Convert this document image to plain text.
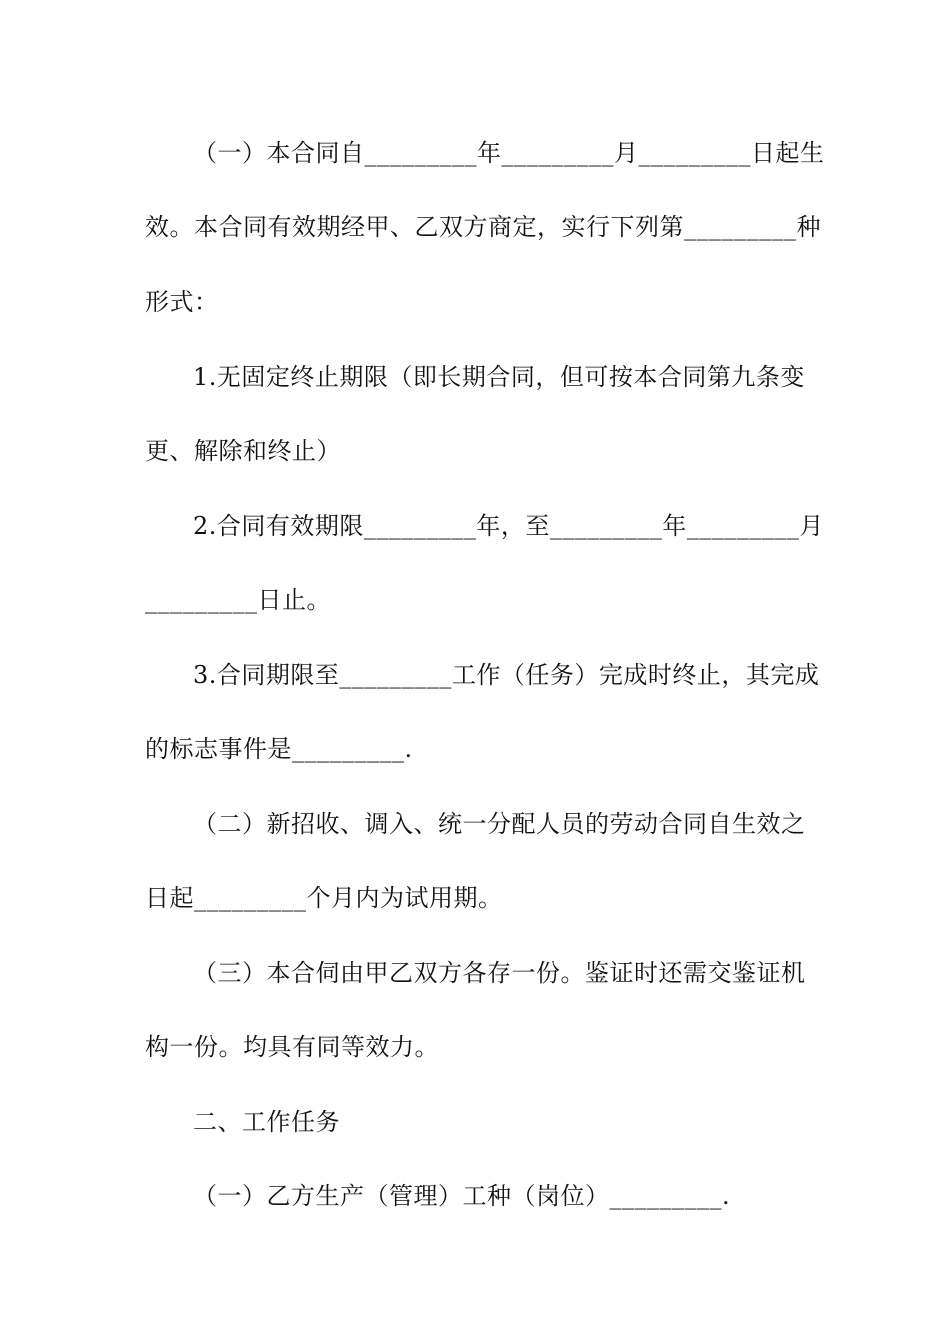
（一）本合同自_________年_________月_________日起生
效。本合同有效期经甲、乙双方商定，实行下列第_________种
形式：
1.无固定终止期限（即长期合同，但可按本合同第九条变
更、解除和终止）
2.合同有效期限_________年，至_________年_________月
_________日止。
3.合同期限至_________工作（任务）完成时终止，其完成
的标志事件是_________.
（二）新招收、调入、统一分配人员的劳动合同自生效之
日起_________个月内为试用期。
（三）本合伺由甲乙双方各存一份。鉴证时还需交鉴证机
构一份。均具有同等效力。
二、工作任务
（一）乙方生产（管理）工种（岗位）_________.
